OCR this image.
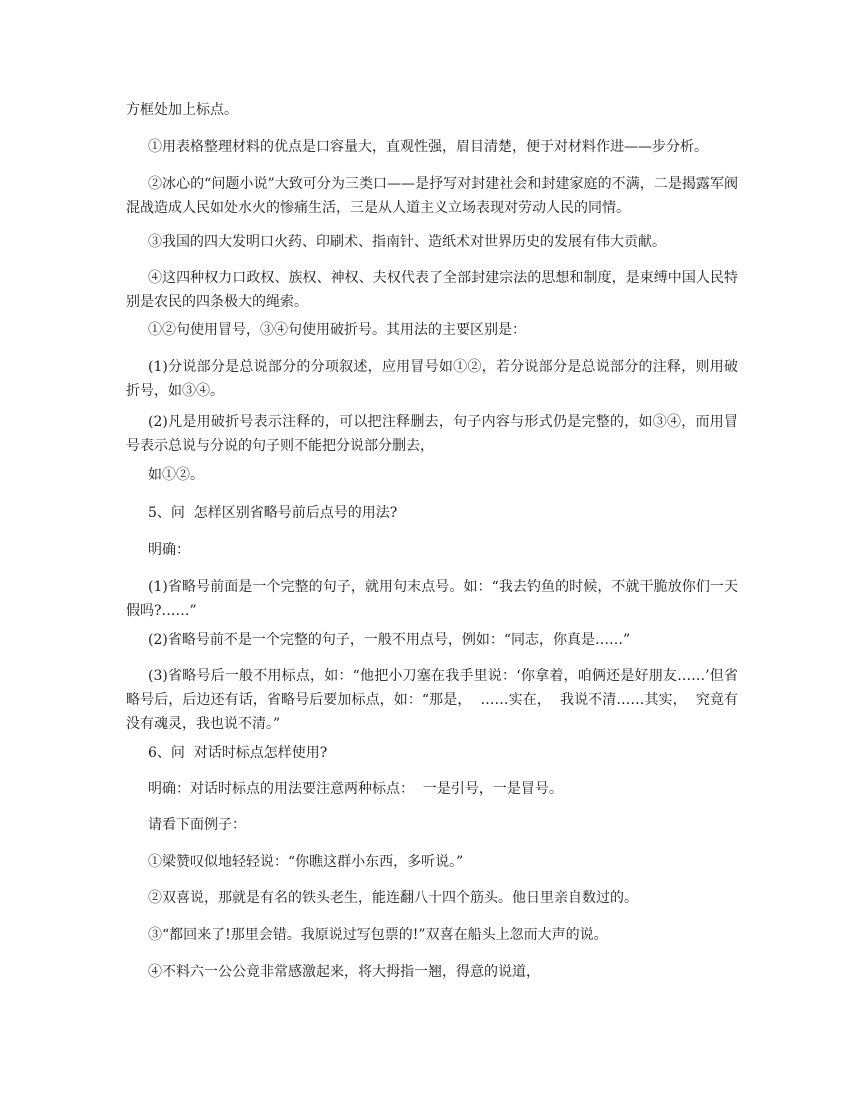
方框处加上标点。

①用表格整理材料的优点是口容量大，直观性强，眉目清楚，便于对材料作进——步分析。

②冰心的“问题小说”大致可分为三类口——是抒写对封建社会和封建家庭的不满，二是揭露军阀混战造成人民如处水火的惨痛生活，三是从人道主义立场表现对劳动人民的同情。

③我国的四大发明口火药、印刷术、指南针、造纸术对世界历史的发展有伟大贡献。

④这四种权力口政权、族权、神权、夫权代表了全部封建宗法的思想和制度，是束缚中国人民特别是农民的四条极大的绳索。

①②句使用冒号，③④句使用破折号。其用法的主要区别是：

(1)分说部分是总说部分的分项叙述，应用冒号如①②，若分说部分是总说部分的注释，则用破折号，如③④。

(2)凡是用破折号表示注释的，可以把注释删去，句子内容与形式仍是完整的，如③④，而用冒号表示总说与分说的句子则不能把分说部分删去，

如①②。

5、问  怎样区别省略号前后点号的用法?

明确：

(1)省略号前面是一个完整的句子，就用句末点号。如：“我去钓鱼的时候，不就干脆放你们一天假吗?……”

(2)省略号前不是一个完整的句子，一般不用点号，例如：“同志，你真是……”

(3)省略号后一般不用标点，如：“他把小刀塞在我手里说：‘你拿着，咱俩还是好朋友……’但省略号后，后边还有话，省略号后要加标点，如：“那是，  ……实在，  我说不清……其实，  究竟有没有魂灵，我也说不清。”

6、问  对话时标点怎样使用?

明确：对话时标点的用法要注意两种标点：  一是引号，一是冒号。

请看下面例子：

①梁赞叹似地轻轻说：“你瞧这群小东西，多听说。”

②双喜说，那就是有名的铁头老生，能连翻八十四个筋头。他日里亲自数过的。

③“都回来了!那里会错。我原说过写包票的!”双喜在船头上忽而大声的说。

④不料六一公公竟非常感激起来，将大拇指一翘，得意的说道，
